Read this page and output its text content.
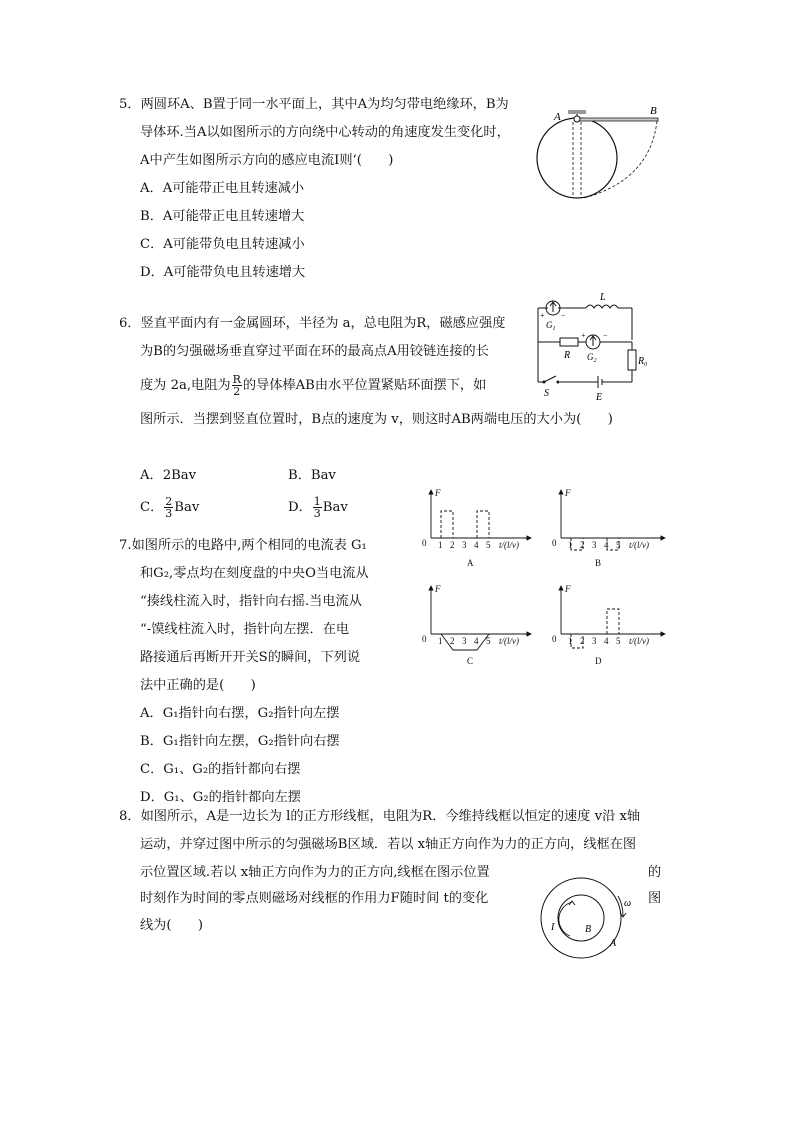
5．两圆环A、B置于同一水平面上，其中A为均匀带电绝缘环，B为
导体环.当A以如图所示的方向绕中心转动的角速度发生变化时，
A中产生如图所示方向的感应电流I则‘(　　)
A．A可能带正电且转速减小
B．A可能带正电且转速增大
C．A可能带负电且转速减小
D．A可能带负电且转速增大
A	B
6．竖直平面内有一金属圆环，半径为 a，总电阻为R，磁感应强度
为B的匀强磁场垂直穿过平面在环的最高点A用铰链连接的长
度为 2a,电阻为 $\frac{R}{2}$ 的导体棒AB由水平位置紧贴环面摆下，如
图所示．当摆到竖直位置时，B点的速度为 v，则这时AB两端电压的大小为(　　)
A．2Bav	B．Bav
C． $\frac{2}{3}$ Bav	D． $\frac{1}{3}$ Bav
+ −
+ −
$G_1$
$G_2$
L
R
$R_0$
S	E
7.如图所示的电路中,两个相同的电流表 G₁
和G₂,零点均在刻度盘的中央O当电流从
“揍线柱流入时，指针向右摇.当电流从
“-馍线柱流入时，指针向左摆．在电
路接通后再断开开关S的瞬间，下列说
法中正确的是(　　)
A．G₁指针向右摆，G₂指针向左摆
B．G₁指针向左摆，G₂指针向右摆
C．G₁、G₂的指针都向右摆
D．G₁、G₂的指针都向左摆
F
0 1 2 3 4 5 t/(l/v)
A
F
0 1 2 3 4 5 t/(l/v)
B
F
0 1 2 3 4 5 t/(l/v)
C
F
0 1 2 3 4 5 t/(l/v)
D
8．如图所示，A是一边长为 l的正方形线框，电阻为R．今维持线框以恒定的速度 v沿 x轴
运动，并穿过图中所示的匀强磁场B区域．若以 x轴正方向作为力的正方向，线框在图
示位置区域.若以 x轴正方向作为力的正方向,线框在图示位置	的
时刻作为时间的零点则磁场对线框的作用力F随时间 t的变化	图
线为(　　)	I	B
A
ω
